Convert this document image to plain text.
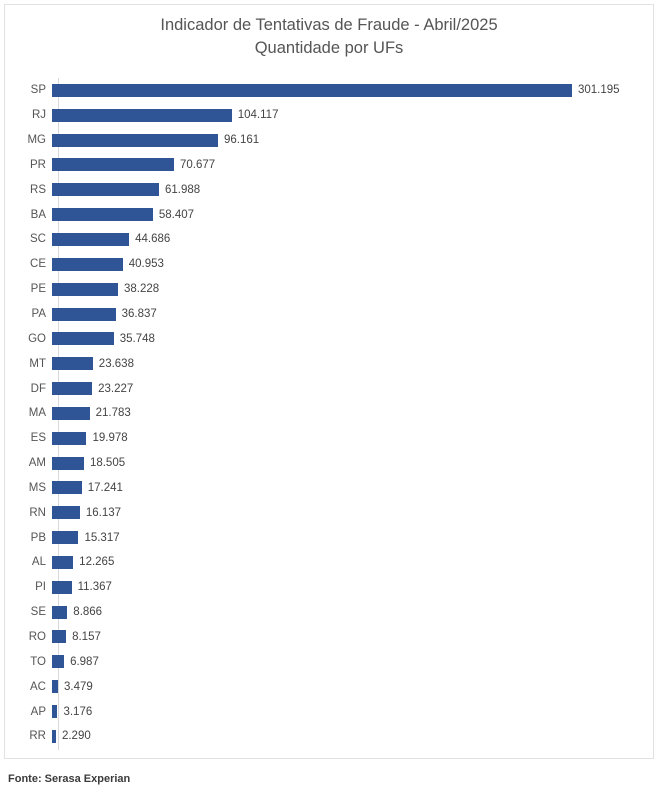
Indicador de Tentativas de Fraude - Abril/2025
Quantidade por UFs
SP	301.195
RJ	104.117
MG	96.161
PR	70.677
RS	61.988
BA	58.407
SC	44.686
CE	40.953
PE	38.228
PA	36.837
GO	35.748
MT	23.638
DF	23.227
MA	21.783
ES	19.978
AM	18.505
MS	17.241
RN	16.137
PB	15.317
AL	12.265
PI	11.367
SE	8.866
RO	8.157
TO	6.987
AC	3.479
AP	3.176
RR	2.290
Fonte: Serasa Experian
